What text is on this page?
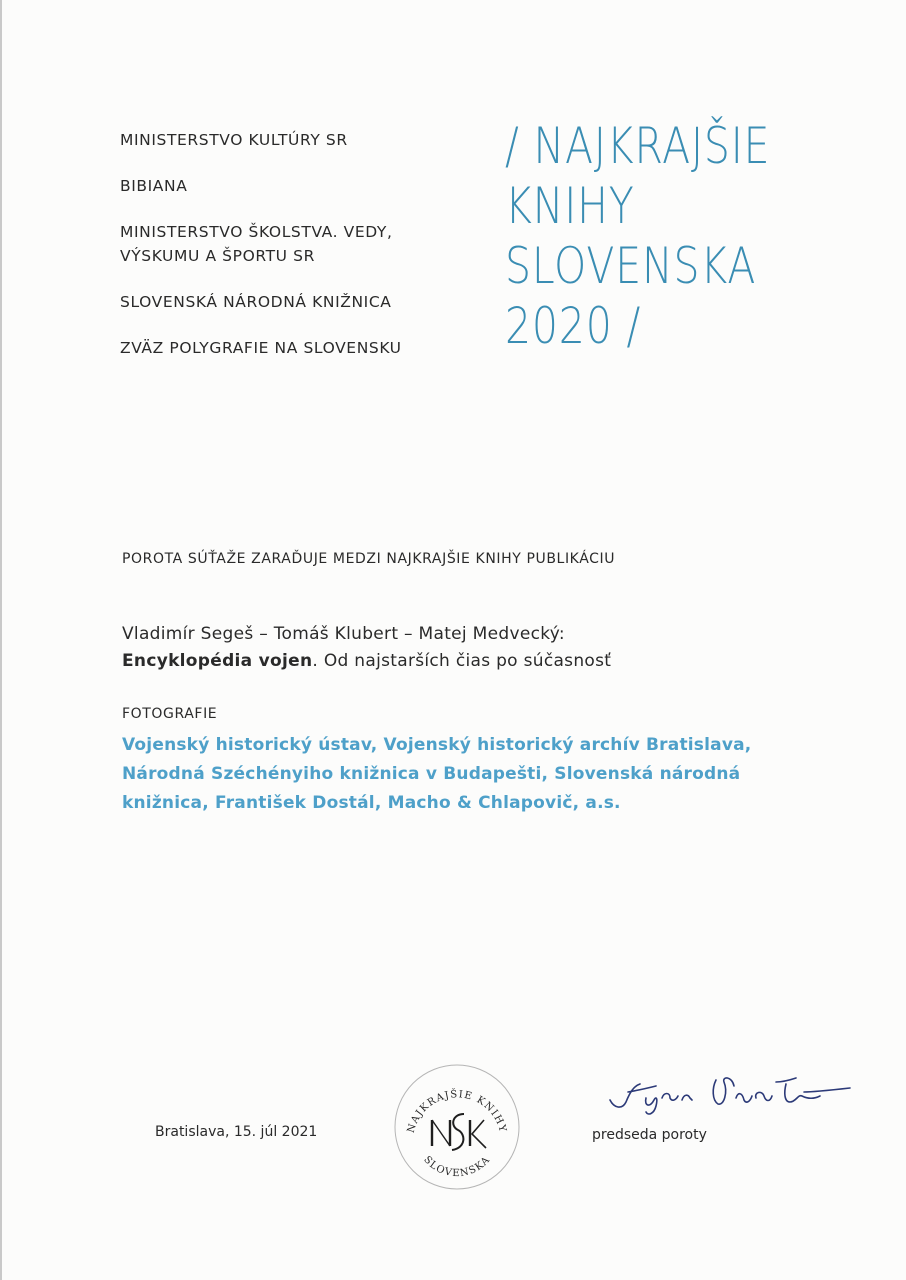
MINISTERSTVO KULTÚRY SR
BIBIANA
MINISTERSTVO ŠKOLSTVA. VEDY, VÝSKUMU A ŠPORTU SR
SLOVENSKÁ NÁRODNÁ KNIŽNICA
ZVÄZ POLYGRAFIE NA SLOVENSKU
/ NAJKRAJŠIE
KNIHY
SLOVENSKA
2020 /
POROTA SÚŤAŽE ZARAĎUJE MEDZI NAJKRAJŠIE KNIHY PUBLIKÁCIU
Vladimír Segeš – Tomáš Klubert – Matej Medvecký:
Encyklopédia vojen. Od najstarších čias po súčasnosť
FOTOGRAFIE
Vojenský historický ústav, Vojenský historický archív Bratislava, Národná Széchényiho knižnica v Budapešti, Slovenská národná knižnica, František Dostál, Macho & Chlapovič, a.s.
Bratislava, 15. júl 2021	NAJKRAJŠIE KNIHY
SLOVENSKA
predseda poroty
